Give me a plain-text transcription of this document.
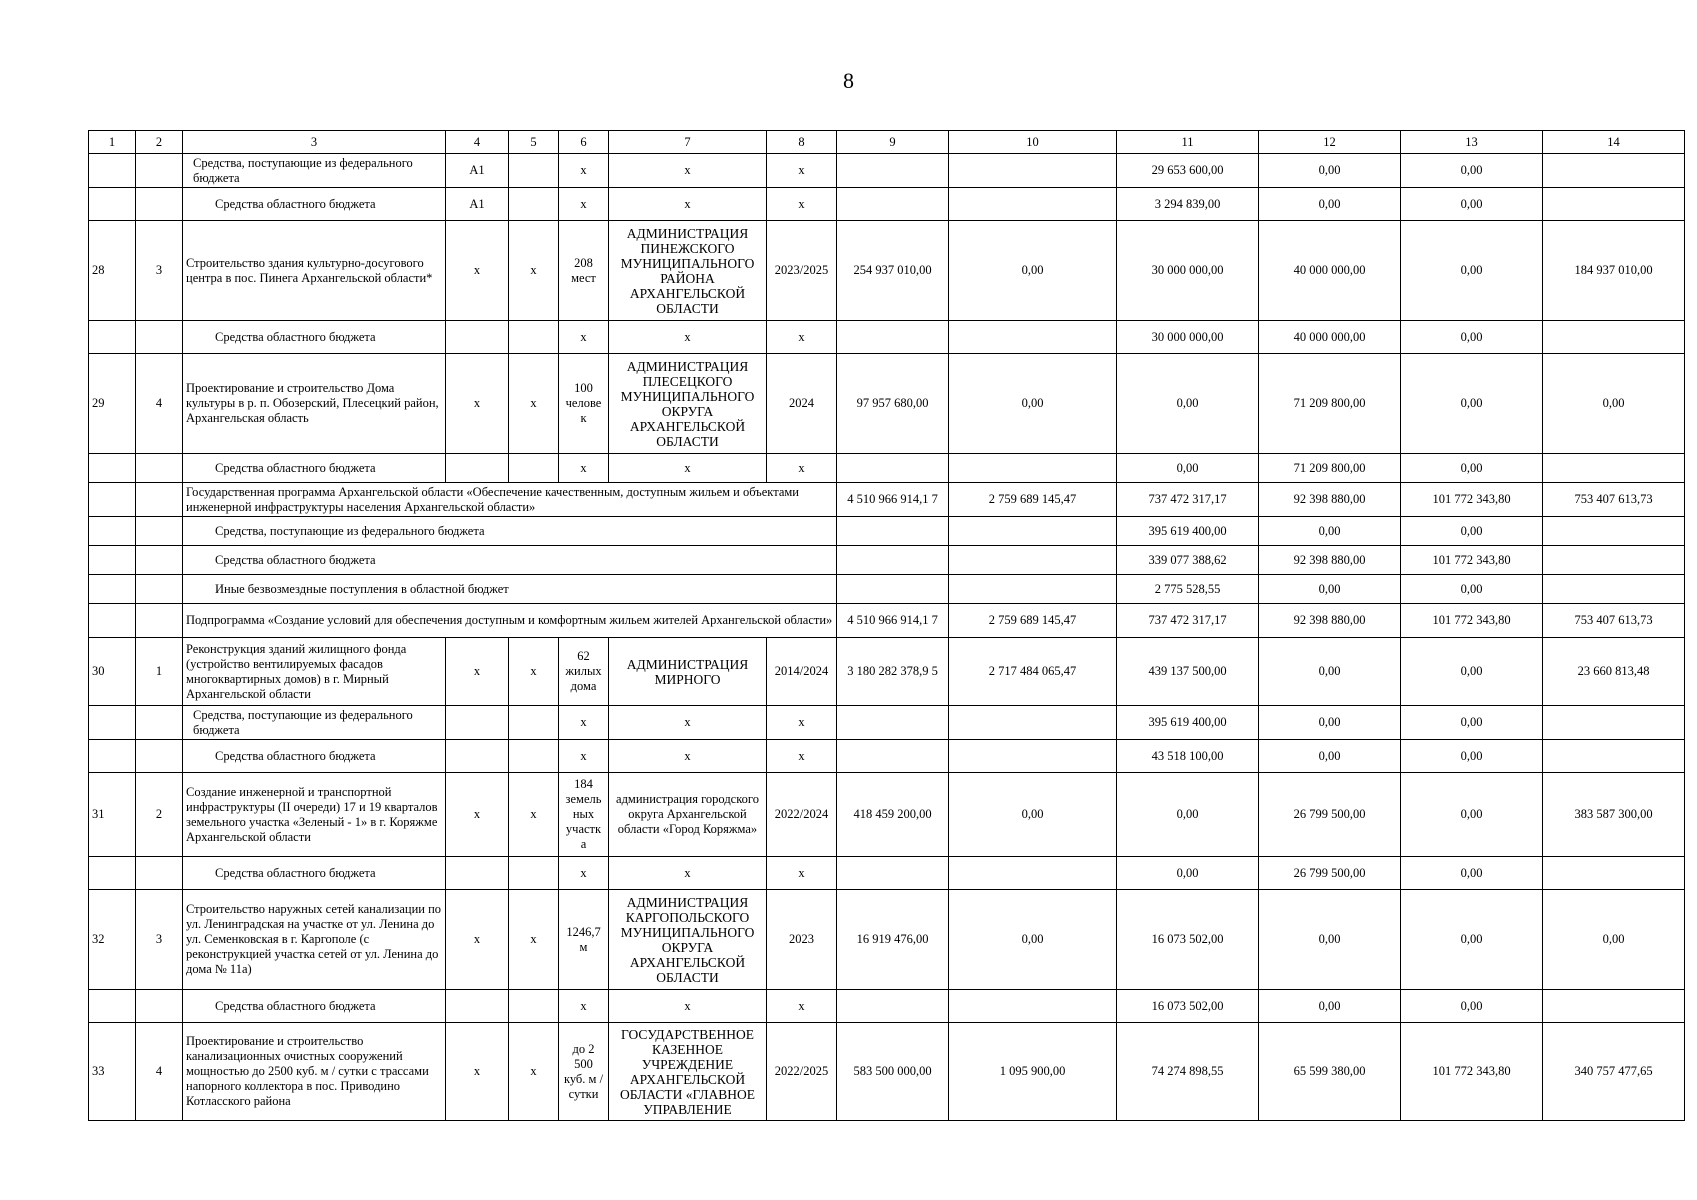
8
1	2	3	4	5	6	7	8	9	10	11	12	13	14
		Средства, поступающие из федерального бюджета	A1		x	x	x			29 653 600,00	0,00	0,00	
		Средства областного бюджета	A1		x	x	x			3 294 839,00	0,00	0,00	
28	3	Строительство здания культурно-досугового центра в пос. Пинега Архангельской области*	x	x	208 мест	АДМИНИСТРАЦИЯ ПИНЕЖСКОГО МУНИЦИПАЛЬНОГО РАЙОНА АРХАНГЕЛЬСКОЙ ОБЛАСТИ	2023/2025	254 937 010,00	0,00	30 000 000,00	40 000 000,00	0,00	184 937 010,00
		Средства областного бюджета			x	x	x			30 000 000,00	40 000 000,00	0,00	
29	4	Проектирование и строительство Дома культуры в р. п. Обозерский, Плесецкий район, Архангельская область	x	x	100 челове к	АДМИНИСТРАЦИЯ ПЛЕСЕЦКОГО МУНИЦИПАЛЬНОГО ОКРУГА АРХАНГЕЛЬСКОЙ ОБЛАСТИ	2024	97 957 680,00	0,00	0,00	71 209 800,00	0,00	0,00
		Средства областного бюджета			x	x	x			0,00	71 209 800,00	0,00	
		Государственная программа Архангельской области «Обеспечение качественным, доступным жильем и объектами инженерной инфраструктуры населения Архангельской области»						4 510 966 914,1 7	2 759 689 145,47	737 472 317,17	92 398 880,00	101 772 343,80	753 407 613,73
		Средства, поступающие из федерального бюджета								395 619 400,00	0,00	0,00	
		Средства областного бюджета								339 077 388,62	92 398 880,00	101 772 343,80	
		Иные безвозмездные поступления в областной бюджет								2 775 528,55	0,00	0,00	
		Подпрограмма «Создание условий для обеспечения доступным и комфортным жильем жителей Архангельской области»						4 510 966 914,1 7	2 759 689 145,47	737 472 317,17	92 398 880,00	101 772 343,80	753 407 613,73
30	1	Реконструкция зданий жилищного фонда (устройство вентилируемых фасадов многоквартирных домов) в г. Мирный Архангельской области	x	x	62 жилых дома	АДМИНИСТРАЦИЯ МИРНОГО	2014/2024	3 180 282 378,9 5	2 717 484 065,47	439 137 500,00	0,00	0,00	23 660 813,48
		Средства, поступающие из федерального бюджета			x	x	x			395 619 400,00	0,00	0,00	
		Средства областного бюджета			x	x	x			43 518 100,00	0,00	0,00	
31	2	Создание инженерной и транспортной инфраструктуры (II очереди) 17 и 19 кварталов земельного участка «Зеленый - 1» в г. Коряжме Архангельской области	x	x	184 земель ных участк а	администрация городского округа Архангельской области «Город Коряжма»	2022/2024	418 459 200,00	0,00	0,00	26 799 500,00	0,00	383 587 300,00
		Средства областного бюджета			x	x	x			0,00	26 799 500,00	0,00	
32	3	Строительство наружных сетей канализации по ул. Ленинградская на участке от ул. Ленина до ул. Семенковская в г. Каргополе (с реконструкцией участка сетей от ул. Ленина до дома № 11а)	x	x	1246,7 м	АДМИНИСТРАЦИЯ КАРГОПОЛЬСКОГО МУНИЦИПАЛЬНОГО ОКРУГА АРХАНГЕЛЬСКОЙ ОБЛАСТИ	2023	16 919 476,00	0,00	16 073 502,00	0,00	0,00	0,00
		Средства областного бюджета			x	x	x			16 073 502,00	0,00	0,00	
33	4	Проектирование и строительство канализационных очистных сооружений мощностью до 2500 куб. м / сутки с трассами напорного коллектора в пос. Приводино Котласского района	x	x	до 2 500 куб. м / сутки	ГОСУДАРСТВЕННОЕ КАЗЕННОЕ УЧРЕЖДЕНИЕ АРХАНГЕЛЬСКОЙ ОБЛАСТИ «ГЛАВНОЕ УПРАВЛЕНИЕ	2022/2025	583 500 000,00	1 095 900,00	74 274 898,55	65 599 380,00	101 772 343,80	340 757 477,65
